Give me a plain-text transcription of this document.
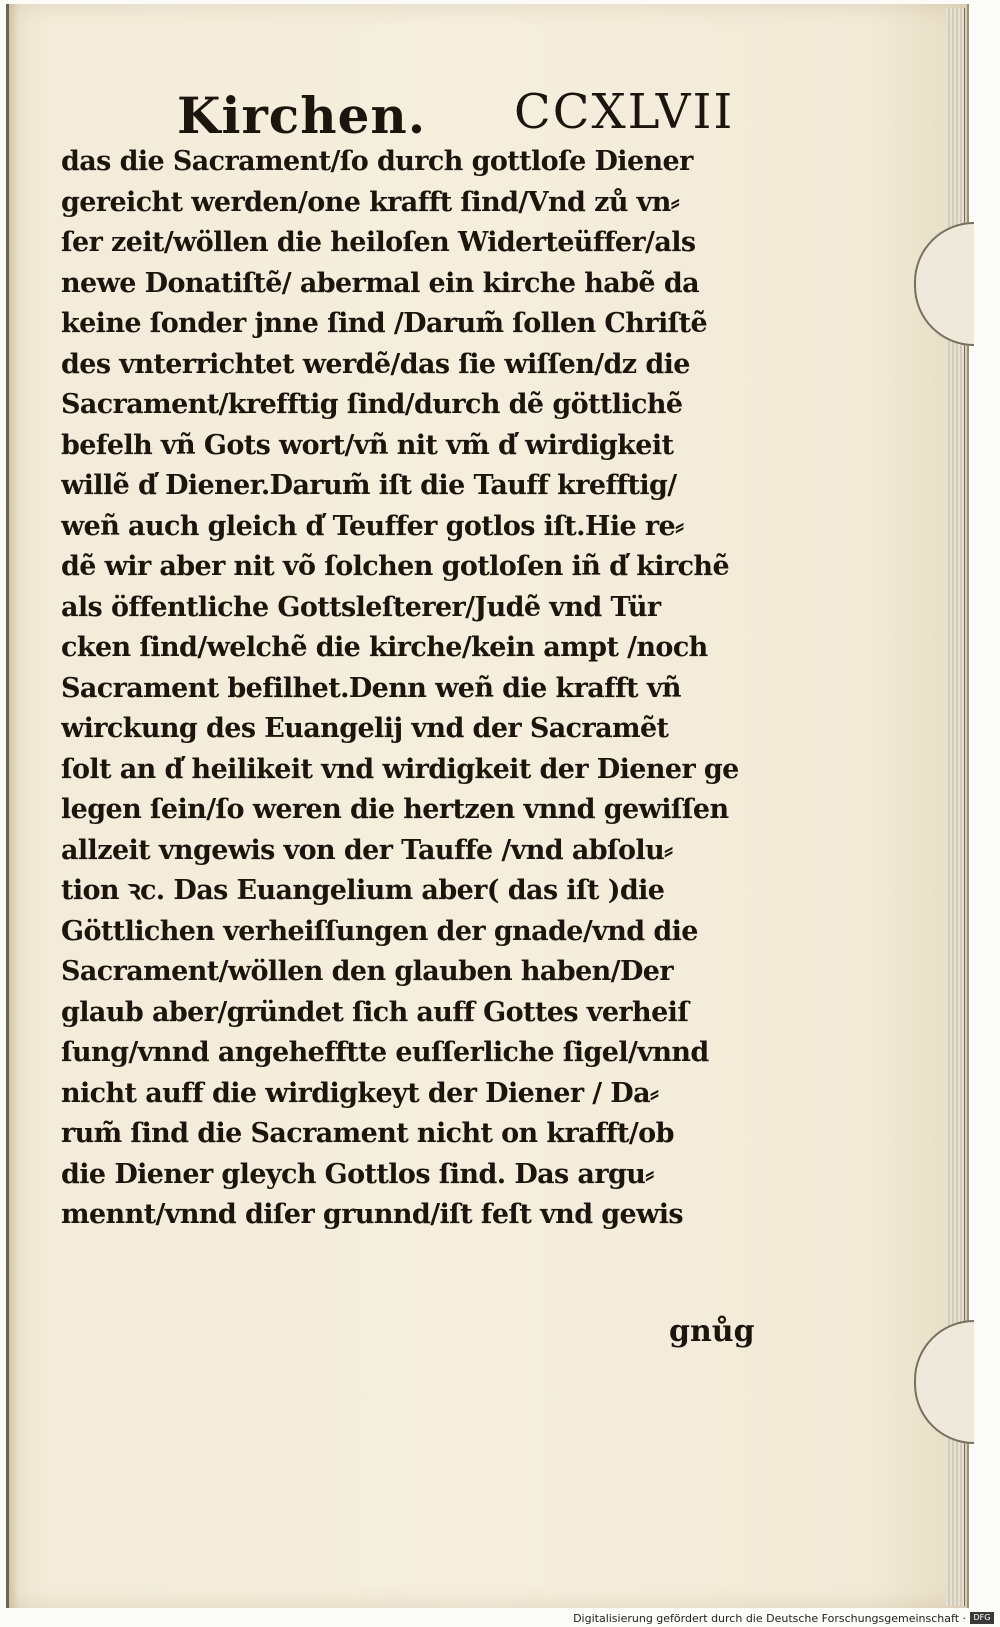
Kirchen. CCXLVII
das die Sacrament/ſo durch gottloſe Diener
gereicht werden/one krafft ſind/Vnd zů vn⸗
ſer zeit/wöllen die heiloſen Widerteüffer/als
newe Donatiſtẽ/ abermal ein kirche habẽ da
keine ſonder jnne ſind /Darum̃ ſollen Chriſtẽ
des vnterrichtet werdẽ/das ſie wiſſen/dz die
Sacrament/krefftig ſind/durch dẽ göttlichẽ
befelh vñ Gots wort/vñ nit vm̃ d̕ wirdigkeit
willẽ d̕ Diener.Darum̃ iſt die Tauff krefftig/
weñ auch gleich d̕ Teuffer gotlos iſt.Hie re⸗
dẽ wir aber nit võ ſolchen gotloſen iñ d̕ kirchẽ
als öffentliche Gottsleſterer/Judẽ vnd Tür
cken ſind/welchẽ die kirche/kein ampt /noch
Sacrament befilhet.Denn weñ die krafft vñ
wirckung des Euangelij vnd der Sacramẽt
ſolt an d̕ heilikeit vnd wirdigkeit der Diener ge
legen ſein/ſo weren die hertzen vnnd gewiſſen
allzeit vngewis von der Tauffe /vnd abſolu⸗
tion ꝛc. Das Euangelium aber( das iſt )die
Göttlichen verheiſſungen der gnade/vnd die
Sacrament/wöllen den glauben haben/Der
glaub aber/gründet ſich auff Gottes verheiſ
ſung/vnnd angehefftte euſſerliche ſigel/vnnd
nicht auff die wirdigkeyt der Diener / Da⸗
rum̃ ſind die Sacrament nicht on krafft/ob
die Diener gleych Gottlos ſind. Das argu⸗
mennt/vnnd diſer grunnd/iſt feſt vnd gewis
gnůg
Digitalisierung gefördert durch die Deutsche Forschungsgemeinschaft · DFG
